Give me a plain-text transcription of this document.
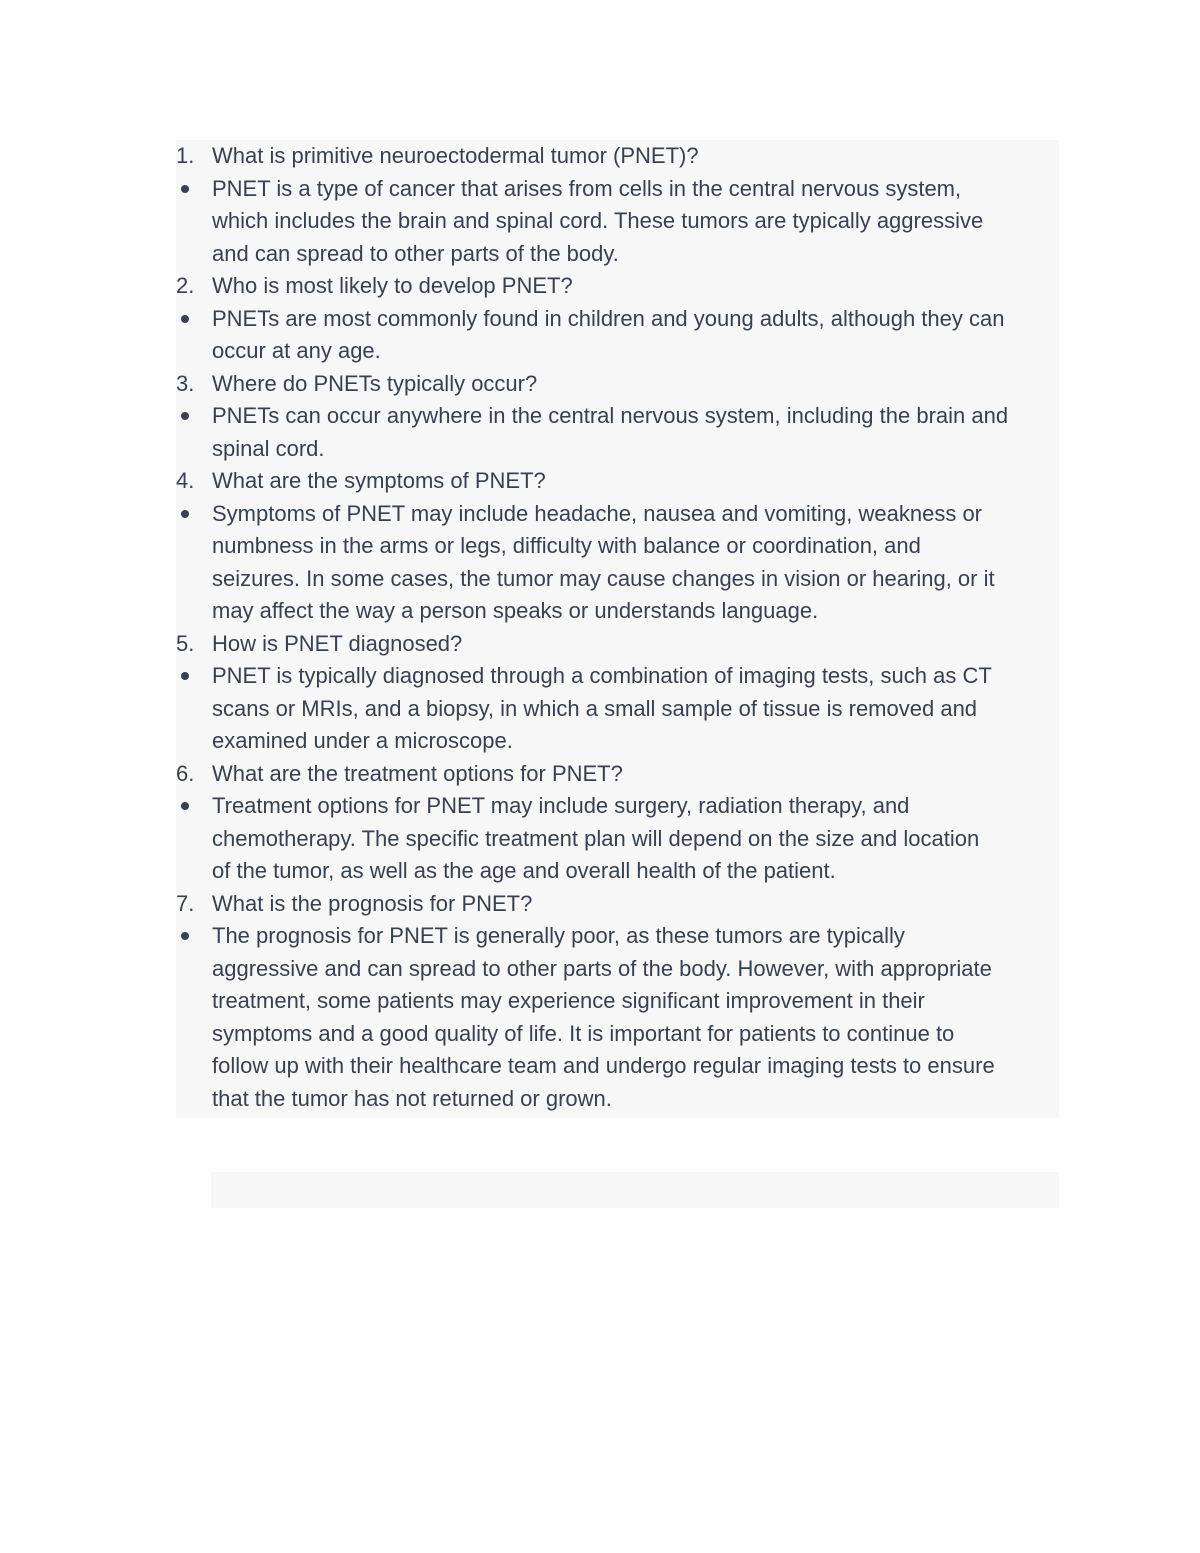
1. What is primitive neuroectodermal tumor (PNET)?
PNET is a type of cancer that arises from cells in the central nervous system,
which includes the brain and spinal cord. These tumors are typically aggressive
and can spread to other parts of the body.
2. Who is most likely to develop PNET?
PNETs are most commonly found in children and young adults, although they can
occur at any age.
3. Where do PNETs typically occur?
PNETs can occur anywhere in the central nervous system, including the brain and
spinal cord.
4. What are the symptoms of PNET?
Symptoms of PNET may include headache, nausea and vomiting, weakness or
numbness in the arms or legs, difficulty with balance or coordination, and
seizures. In some cases, the tumor may cause changes in vision or hearing, or it
may affect the way a person speaks or understands language.
5. How is PNET diagnosed?
PNET is typically diagnosed through a combination of imaging tests, such as CT
scans or MRIs, and a biopsy, in which a small sample of tissue is removed and
examined under a microscope.
6. What are the treatment options for PNET?
Treatment options for PNET may include surgery, radiation therapy, and
chemotherapy. The specific treatment plan will depend on the size and location
of the tumor, as well as the age and overall health of the patient.
7. What is the prognosis for PNET?
The prognosis for PNET is generally poor, as these tumors are typically
aggressive and can spread to other parts of the body. However, with appropriate
treatment, some patients may experience significant improvement in their
symptoms and a good quality of life. It is important for patients to continue to
follow up with their healthcare team and undergo regular imaging tests to ensure
that the tumor has not returned or grown.
